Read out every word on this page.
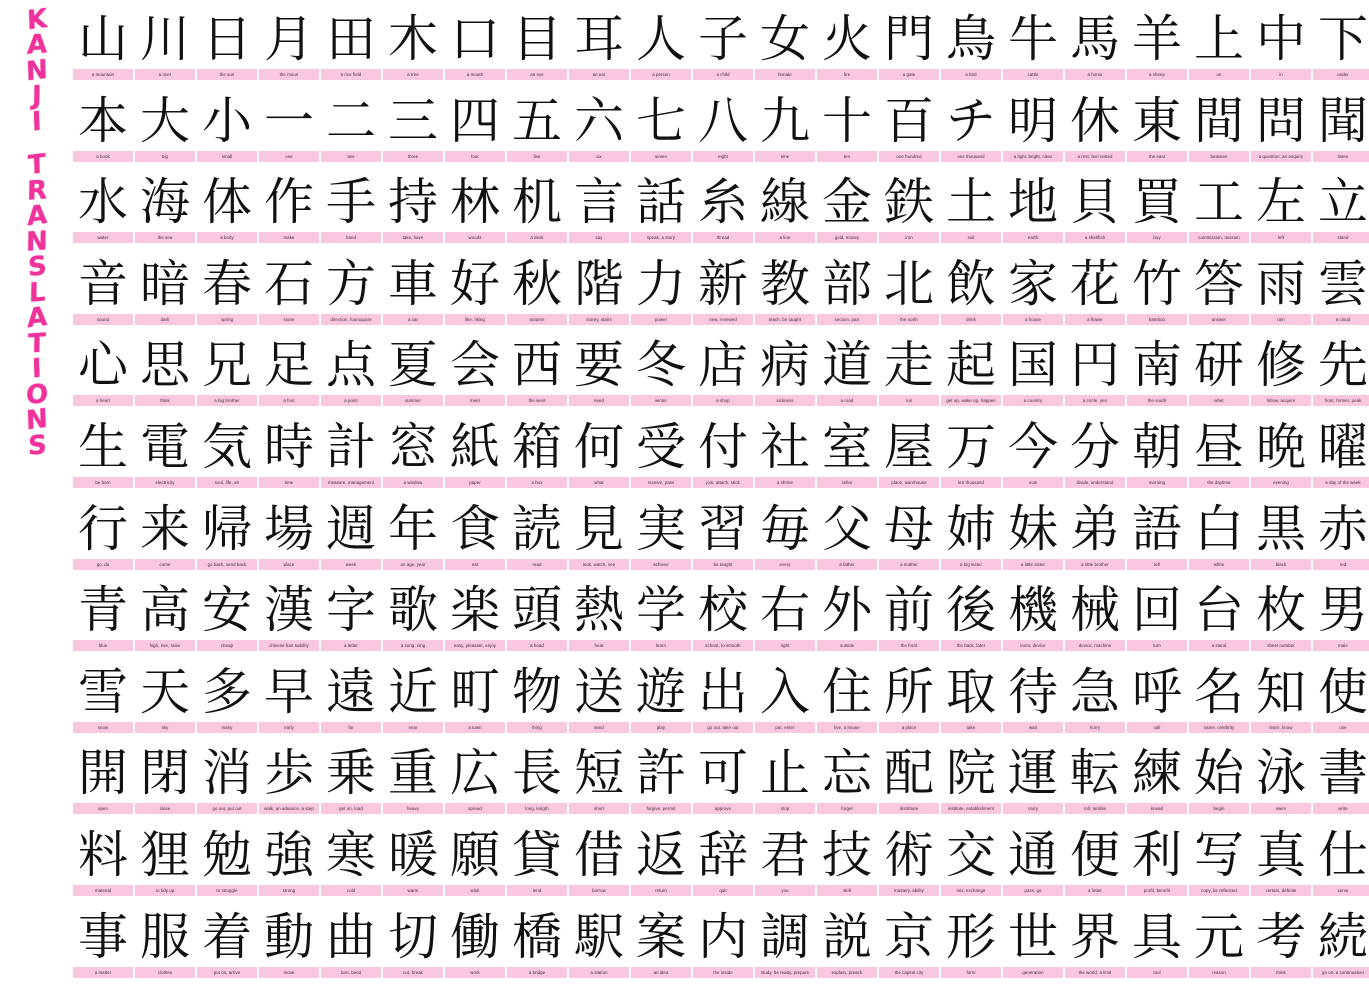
K
A
N
J
I
T
R
A
N
S
L
A
T
I
O
N
S
山
a mountain
川
a river
日
the sun
月
the moon
田
a rice field
木
a tree
口
a mouth
目
an eye
耳
an ear
人
a person
子
a child
女
female
火
fire
門
a gate
鳥
a bird
牛
cattle
馬
a horse
羊
a sheep
上
on
中
in
下
under
本
a book
大
big
小
small
一
one
二
two
三
three
四
four
五
five
六
six
七
seven
八
eight
九
nine
十
ten
百
one hundred
チ
one thousand
明
a light, bright, clear
休
a rest, feel rested
東
the east
間
between
問
a question, an enquiry
聞
listen
水
water
海
the sea
体
a body
作
make
手
hand
持
take, have
林
woods
机
a desk
言
say
話
speak, a story
糸
thread
線
a line
金
gold, money
鉄
iron
土
soil
地
earth
貝
a shellfish
買
buy
工
commission, mission
左
left
立
stand
音
sound
暗
dark
春
spring
石
stone
方
direction, foursquare
車
a car
好
like, liking
秋
autumn
階
storey, stairs
力
power
新
new, renewed
教
teach, be taught
部
section, part
北
the north
飲
drink
家
a house
花
a flower
竹
bamboo
答
answer
雨
rain
雲
a cloud
心
a heart
思
think
兄
a big brother
足
a foot
点
a point
夏
summer
会
meet
西
the west
要
need
冬
winter
店
a shop
病
sickness
道
a road
走
run
起
get up, wake up, happen
国
a country
円
a circle, yen
南
the south
研
whet
修
follow, acquire
先
front, former, peak
生
be born
電
electricity
気
soul, life, air
時
time
計
measure, management
窓
a window
紙
paper
箱
a box
何
what
受
receive, pass
付
join, attach, stick
社
a shrine
室
cellar
屋
place, warehouse
万
ten thousand
今
now
分
divide, understand
朝
morning
昼
the daytime
晩
evening
曜
a day of the week
行
go, do
来
come
帰
go back, send back
場
place
週
week
年
an age, year
食
eat
読
read
見
look, watch, see
実
achieve
習
be taught
毎
every
父
a father
母
a mother
姉
a big sister
妹
a little sister
弟
a little brother
語
tell
白
white
黒
black
赤
red
青
blue
高
high, rise, raise
安
cheap
漢
chinese han nability
字
a letter
歌
a song, sing
楽
easy, pleasant, enjoy
頭
a head
熱
heat
学
learn
校
school, to smooth
右
right
外
outside
前
the front
後
the back, later
機
loom, device
械
device, machine
回
turn
台
a stand
枚
sheet number
男
male
雪
snow
天
sky
多
many
早
early
遠
far
近
near
町
a town
物
thing
送
send
遊
play
出
go out, take out
入
put, enter
住
live, a house
所
a place
取
take
待
wait
急
hurry
呼
call
名
name, celebrity
知
learn, know
使
use
開
open
閉
close
消
go out, put out
歩
walk, an advance, a step
乗
get on, load
重
heavy
広
spread
長
long, length
短
short
許
forgive, permit
可
approve
止
stop
忘
forget
配
distribute
院
institute, establishment
運
carry
転
roll, tumble
練
knead
始
begin
泳
swim
書
write
料
material
狸
to tidy up
勉
to struggle
強
strong
寒
cold
暖
warm
願
wish
貸
lend
借
borrow
返
return
辞
quit
君
you
技
skill
術
mastery, ability
交
mix, exchange
通
pass, go
便
a letter
利
profit, benefit
写
copy, be reflected
真
certain, definite
仕
serve
事
a matter
服
clothes
着
put on, arrive
動
move
曲
turn, bend
切
cut, break
働
work
橋
a bridge
駅
a station
案
an idea
内
the inside
調
study, be ready, prepare
説
explain, preach
京
the capital city
形
form
世
generation
界
the world, a limit
具
tool
元
reason
考
think
続
go on, a continuation
